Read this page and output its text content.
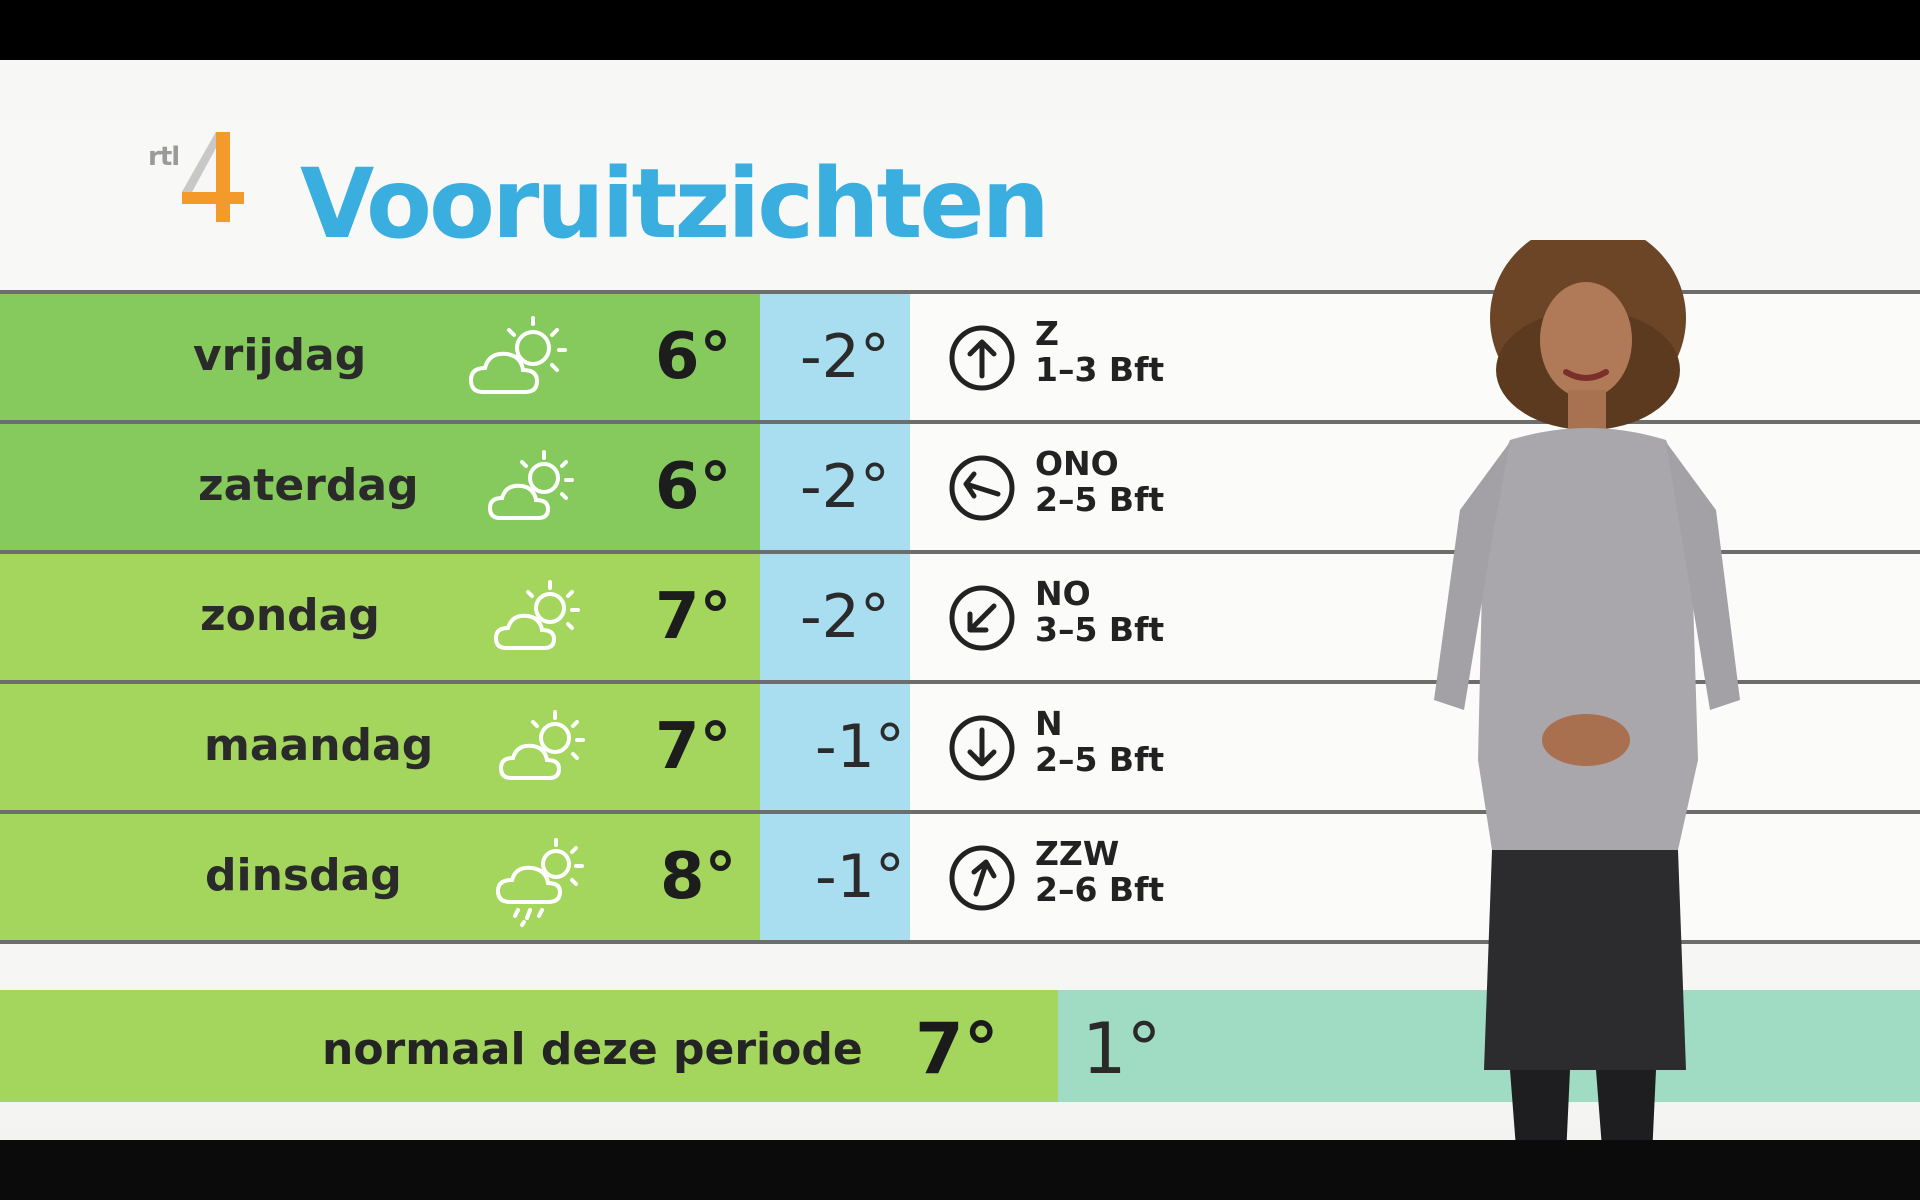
rtl Vooruitzichten
vrijdag	6° -2°	Z
1–3 Bft
zaterdag	6° -2°	ONO
2–5 Bft
zondag	7° -2°	NO
3–5 Bft
maandag	7° -1°	N
2–5 Bft
dinsdag	8° -1°	ZZW
2–6 Bft
normaal deze periode 7° 1°
